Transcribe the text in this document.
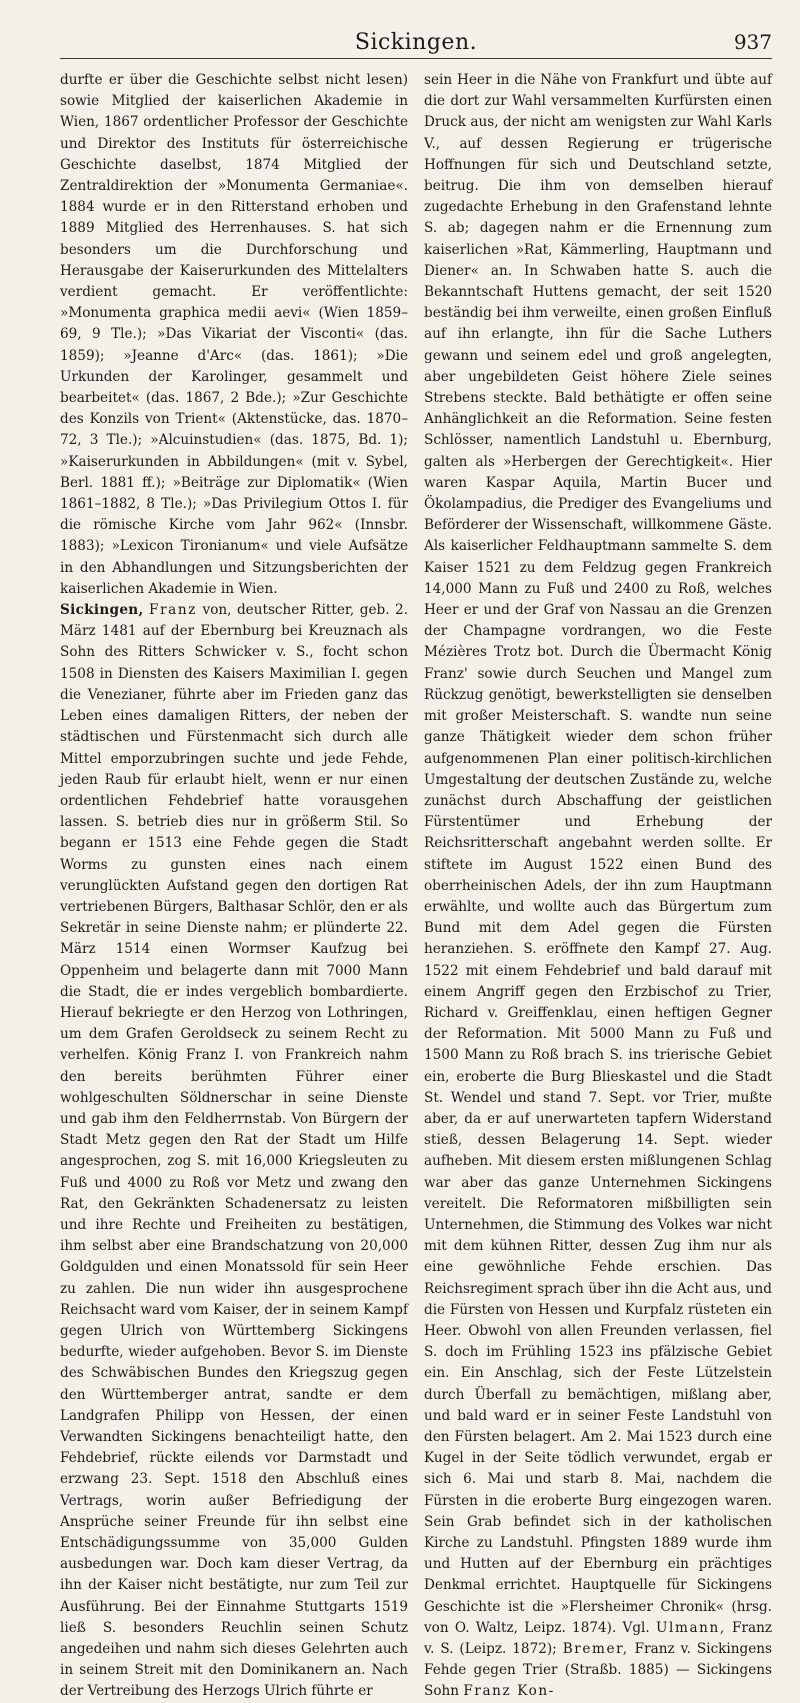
Sickingen.	937

durfte er über die Geschichte selbst nicht lesen) sowie Mitglied der kaiserlichen Akademie in Wien, 1867 ordentlicher Professor der Geschichte und Direktor des Instituts für österreichische Geschichte daselbst, 1874 Mitglied der Zentraldirektion der »Monumenta Germaniae«. 1884 wurde er in den Ritterstand erhoben und 1889 Mitglied des Herrenhauses. S. hat sich besonders um die Durchforschung und Herausgabe der Kaiserurkunden des Mittelalters verdient gemacht. Er veröffentlichte: »Monumenta graphica medii aevi« (Wien 1859–69, 9 Tle.); »Das Vikariat der Visconti« (das. 1859); »Jeanne d'Arc« (das. 1861); »Die Urkunden der Karolinger, gesammelt und bearbeitet« (das. 1867, 2 Bde.); »Zur Geschichte des Konzils von Trient« (Aktenstücke, das. 1870–72, 3 Tle.); »Alcuinstudien« (das. 1875, Bd. 1); »Kaiserurkunden in Abbildungen« (mit v. Sybel, Berl. 1881 ff.); »Beiträge zur Diplomatik« (Wien 1861–1882, 8 Tle.); »Das Privilegium Ottos I. für die römische Kirche vom Jahr 962« (Innsbr. 1883); »Lexicon Tironianum« und viele Aufsätze in den Abhandlungen und Sitzungsberichten der kaiserlichen Akademie in Wien.

Sickingen, Franz von, deutscher Ritter, geb. 2. März 1481 auf der Ebernburg bei Kreuznach als Sohn des Ritters Schwicker v. S., focht schon 1508 in Diensten des Kaisers Maximilian I. gegen die Venezianer, führte aber im Frieden ganz das Leben eines damaligen Ritters, der neben der städtischen und Fürstenmacht sich durch alle Mittel emporzubringen suchte und jede Fehde, jeden Raub für erlaubt hielt, wenn er nur einen ordentlichen Fehdebrief hatte vorausgehen lassen. S. betrieb dies nur in größerm Stil. So begann er 1513 eine Fehde gegen die Stadt Worms zu gunsten eines nach einem verunglückten Aufstand gegen den dortigen Rat vertriebenen Bürgers, Balthasar Schlör, den er als Sekretär in seine Dienste nahm; er plünderte 22. März 1514 einen Wormser Kaufzug bei Oppenheim und belagerte dann mit 7000 Mann die Stadt, die er indes vergeblich bombardierte. Hierauf bekriegte er den Herzog von Lothringen, um dem Grafen Geroldseck zu seinem Recht zu verhelfen. König Franz I. von Frankreich nahm den bereits berühmten Führer einer wohlgeschulten Söldnerschar in seine Dienste und gab ihm den Feldherrnstab. Von Bürgern der Stadt Metz gegen den Rat der Stadt um Hilfe angesprochen, zog S. mit 16,000 Kriegsleuten zu Fuß und 4000 zu Roß vor Metz und zwang den Rat, den Gekränkten Schadenersatz zu leisten und ihre Rechte und Freiheiten zu bestätigen, ihm selbst aber eine Brandschatzung von 20,000 Goldgulden und einen Monatssold für sein Heer zu zahlen. Die nun wider ihn ausgesprochene Reichsacht ward vom Kaiser, der in seinem Kampf gegen Ulrich von Württemberg Sickingens bedurfte, wieder aufgehoben. Bevor S. im Dienste des Schwäbischen Bundes den Kriegszug gegen den Württemberger antrat, sandte er dem Landgrafen Philipp von Hessen, der einen Verwandten Sickingens benachteiligt hatte, den Fehdebrief, rückte eilends vor Darmstadt und erzwang 23. Sept. 1518 den Abschluß eines Vertrags, worin außer Befriedigung der Ansprüche seiner Freunde für ihn selbst eine Entschädigungssumme von 35,000 Gulden ausbedungen war. Doch kam dieser Vertrag, da ihn der Kaiser nicht bestätigte, nur zum Teil zur Ausführung. Bei der Einnahme Stuttgarts 1519 ließ S. besonders Reuchlin seinen Schutz angedeihen und nahm sich dieses Gelehrten auch in seinem Streit mit den Dominikanern an. Nach der Vertreibung des Herzogs Ulrich führte er

sein Heer in die Nähe von Frankfurt und übte auf die dort zur Wahl versammelten Kurfürsten einen Druck aus, der nicht am wenigsten zur Wahl Karls V., auf dessen Regierung er trügerische Hoffnungen für sich und Deutschland setzte, beitrug. Die ihm von demselben hierauf zugedachte Erhebung in den Grafenstand lehnte S. ab; dagegen nahm er die Ernennung zum kaiserlichen »Rat, Kämmerling, Hauptmann und Diener« an. In Schwaben hatte S. auch die Bekanntschaft Huttens gemacht, der seit 1520 beständig bei ihm verweilte, einen großen Einfluß auf ihn erlangte, ihn für die Sache Luthers gewann und seinem edel und groß angelegten, aber ungebildeten Geist höhere Ziele seines Strebens steckte. Bald bethätigte er offen seine Anhänglichkeit an die Reformation. Seine festen Schlösser, namentlich Landstuhl u. Ebernburg, galten als »Herbergen der Gerechtigkeit«. Hier waren Kaspar Aquila, Martin Bucer und Ökolampadius, die Prediger des Evangeliums und Beförderer der Wissenschaft, willkommene Gäste. Als kaiserlicher Feldhauptmann sammelte S. dem Kaiser 1521 zu dem Feldzug gegen Frankreich 14,000 Mann zu Fuß und 2400 zu Roß, welches Heer er und der Graf von Nassau an die Grenzen der Champagne vordrangen, wo die Feste Mézières Trotz bot. Durch die Übermacht König Franz' sowie durch Seuchen und Mangel zum Rückzug genötigt, bewerkstelligten sie denselben mit großer Meisterschaft. S. wandte nun seine ganze Thätigkeit wieder dem schon früher aufgenommenen Plan einer politisch-kirchlichen Umgestaltung der deutschen Zustände zu, welche zunächst durch Abschaffung der geistlichen Fürstentümer und Erhebung der Reichsritterschaft angebahnt werden sollte. Er stiftete im August 1522 einen Bund des oberrheinischen Adels, der ihn zum Hauptmann erwählte, und wollte auch das Bürgertum zum Bund mit dem Adel gegen die Fürsten heranziehen. S. eröffnete den Kampf 27. Aug. 1522 mit einem Fehdebrief und bald darauf mit einem Angriff gegen den Erzbischof zu Trier, Richard v. Greiffenklau, einen heftigen Gegner der Reformation. Mit 5000 Mann zu Fuß und 1500 Mann zu Roß brach S. ins trierische Gebiet ein, eroberte die Burg Blieskastel und die Stadt St. Wendel und stand 7. Sept. vor Trier, mußte aber, da er auf unerwarteten tapfern Widerstand stieß, dessen Belagerung 14. Sept. wieder aufheben. Mit diesem ersten mißlungenen Schlag war aber das ganze Unternehmen Sickingens vereitelt. Die Reformatoren mißbilligten sein Unternehmen, die Stimmung des Volkes war nicht mit dem kühnen Ritter, dessen Zug ihm nur als eine gewöhnliche Fehde erschien. Das Reichsregiment sprach über ihn die Acht aus, und die Fürsten von Hessen und Kurpfalz rüsteten ein Heer. Obwohl von allen Freunden verlassen, fiel S. doch im Frühling 1523 ins pfälzische Gebiet ein. Ein Anschlag, sich der Feste Lützelstein durch Überfall zu bemächtigen, mißlang aber, und bald ward er in seiner Feste Landstuhl von den Fürsten belagert. Am 2. Mai 1523 durch eine Kugel in der Seite tödlich verwundet, ergab er sich 6. Mai und starb 8. Mai, nachdem die Fürsten in die eroberte Burg eingezogen waren. Sein Grab befindet sich in der katholischen Kirche zu Landstuhl. Pfingsten 1889 wurde ihm und Hutten auf der Ebernburg ein prächtiges Denkmal errichtet. Hauptquelle für Sickingens Geschichte ist die »Flersheimer Chronik« (hrsg. von O. Waltz, Leipz. 1874). Vgl. Ulmann, Franz v. S. (Leipz. 1872); Bremer, Franz v. Sickingens Fehde gegen Trier (Straßb. 1885) — Sickingens Sohn Franz Kon-
